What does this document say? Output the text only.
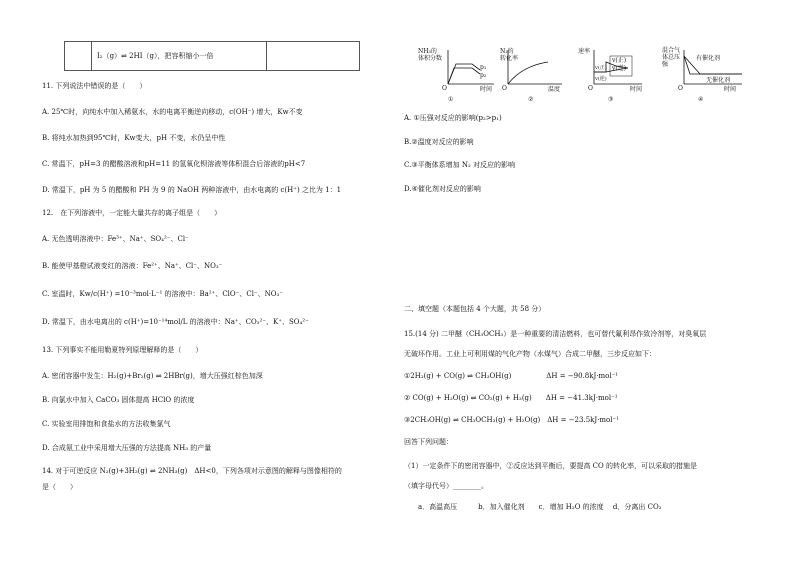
I₂（g）⇌ 2HI（g），把容积缩小一倍
11. 下列说法中错误的是（　　）
A. 25℃时，向纯水中加入稀氨水，水的电离平衡逆向移动，c(OH⁻) 增大，Kw不变
B. 将纯水加热到95℃时，Kw变大，pH 不变，水仍呈中性
C. 常温下，pH=3 的醋酸溶液和pH=11 的氢氧化钡溶液等体积混合后溶液的pH<7
D. 常温下，pH 为 5 的醋酸和 PH 为 9 的 NaOH 两种溶液中，由水电离的 c(H⁺) 之比为 1：1
12.　在下列溶液中，一定能大量共存的离子组是（　　）
A. 无色透明溶液中：Fe³⁺、Na⁺、SO₄²⁻、Cl⁻
B. 能使甲基橙试液变红的溶液：Fe²⁺、Na⁺、Cl⁻、NO₃⁻
C. 室温时，Kw/c(H⁺) =10⁻³mol·L⁻¹ 的溶液中：Ba²⁺、ClO⁻、Cl⁻、NO₃⁻
D. 常温下，由水电离出的 c(H⁺)=10⁻¹⁴mol/L 的溶液中：Na⁺、CO₃²⁻、K⁺、SO₄²⁻
13. 下列事实不能用勒夏特列原理解释的是（　　）
A. 密闭容器中发生：H₂(g)+Br₂(g) ⇌ 2HBr(g)，增大压强红棕色加深
B. 向氯水中加入 CaCO₃ 固体提高 HClO 的浓度
C. 实验室用排饱和食盐水的方法收集氯气
D. 合成氨工业中采用增大压强的方法提高 NH₃ 的产量
14. 对于可逆反应 N₂(g)+3H₂(g) ⇌ 2NH₃(g)　ΔH<0，下列各项对示意图的解释与图像相符的
是（　　）
NH₃的
体积分数
p₁
p₂
O	时间
①
N₂的
转化率
O	温度
②
速率
v(正)
v(逆)
v(正)
v(逆)
O	时间
③
混合气
体总压
强
有催化剂
无催化剂
O	时间
④
A. ①压强对反应的影响(p₂>p₁)
B.②温度对反应的影响
C.③平衡体系增加 N₂ 对反应的影响
D.④催化剂对反应的影响
二、填空题（本题包括 4 个大题，共 58 分）
15.(14 分) 二甲醚（CH₃OCH₃）是一种重要的清洁燃料，也可替代氟利昂作致冷剂等，对臭氧层
无破坏作用。工业上可利用煤的气化产物（水煤气）合成二甲醚，三步反应如下：
①2H₂(g) + CO(g) ⇌ CH₃OH(g)　　　　　ΔH = −90.8kJ·mol⁻¹
② CO(g) + H₂O(g) ⇌ CO₂(g) + H₂(g)　　ΔH = −41.3kJ·mol⁻¹
③2CH₃OH(g) ⇌ CH₃OCH₃(g) + H₂O(g)　ΔH = −23.5kJ·mol⁻¹
回答下列问题：
（1）一定条件下的密闭容器中，②反应达到平衡后，要提高 CO 的转化率，可以采取的措施是
（填字母代号）________。
a．高温高压　　　b．加入催化剂　　c．增加 H₂O 的浓度　 d．分离出 CO₂
